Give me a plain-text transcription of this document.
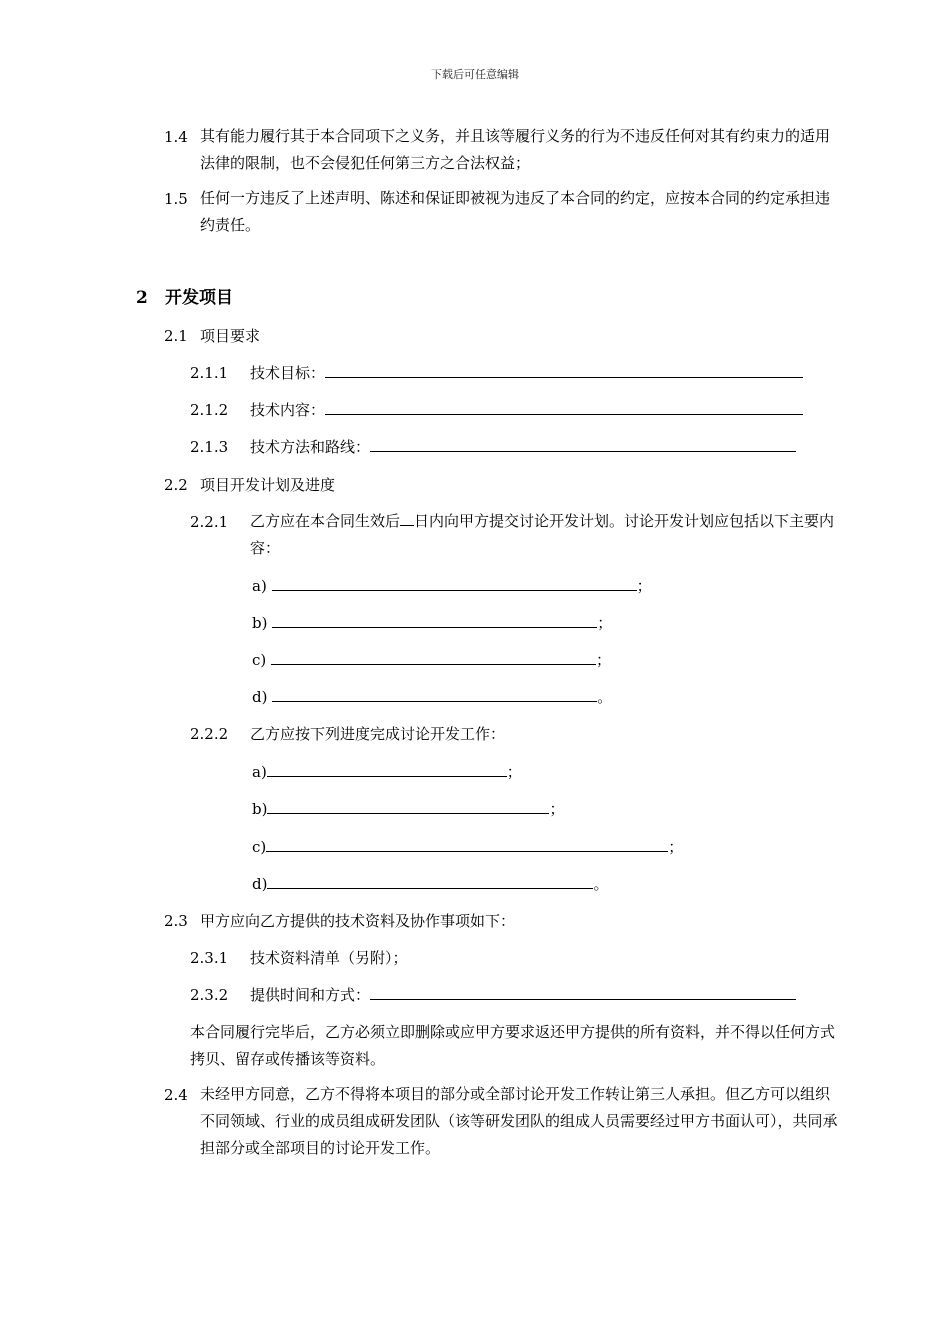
下载后可任意编辑
1.4 其有能力履行其于本合同项下之义务，并且该等履行义务的行为不违反任何对其有约束力的适用法律的限制，也不会侵犯任何第三方之合法权益；
1.5 任何一方违反了上述声明、陈述和保证即被视为违反了本合同的约定，应按本合同的约定承担违约责任。
2 开发项目
2.1 项目要求
2.1.1 技术目标：
2.1.2 技术内容：
2.1.3 技术方法和路线：
2.2 项目开发计划及进度
2.2.1 乙方应在本合同生效后 日内向甲方提交讨论开发计划。讨论开发计划应包括以下主要内容：
a)	；
b)	；
c)	；
d)	。
2.2.2 乙方应按下列进度完成讨论开发工作：
a)	；
b)	；
c)	；
d)	。
2.3 甲方应向乙方提供的技术资料及协作事项如下：
2.3.1 技术资料清单（另附）；
2.3.2 提供时间和方式：
本合同履行完毕后，乙方必须立即删除或应甲方要求返还甲方提供的所有资料，并不得以任何方式拷贝、留存或传播该等资料。
2.4 未经甲方同意，乙方不得将本项目的部分或全部讨论开发工作转让第三人承担。但乙方可以组织不同领域、行业的成员组成研发团队（该等研发团队的组成人员需要经过甲方书面认可），共同承担部分或全部项目的讨论开发工作。
